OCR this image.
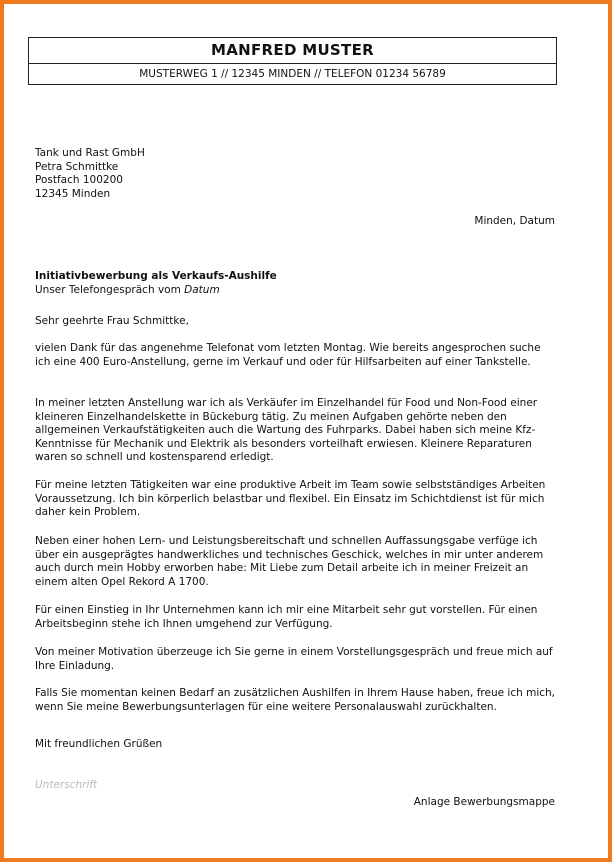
MANFRED MUSTER
MUSTERWEG 1 // 12345 MINDEN // TELEFON 01234 56789
Tank und Rast GmbH
Petra Schmittke
Postfach 100200
12345 Minden
Minden, Datum
Initiativbewerbung als Verkaufs-Aushilfe
Unser Telefongespräch vom Datum
Sehr geehrte Frau Schmittke,
vielen Dank für das angenehme Telefonat vom letzten Montag. Wie bereits angesprochen suche ich eine 400 Euro-Anstellung, gerne im Verkauf und oder für Hilfsarbeiten auf einer Tankstelle.
In meiner letzten Anstellung war ich als Verkäufer im Einzelhandel für Food und Non-Food einer kleineren Einzelhandelskette in Bückeburg tätig. Zu meinen Aufgaben gehörte neben den allgemeinen Verkaufstätigkeiten auch die Wartung des Fuhrparks. Dabei haben sich meine Kfz-Kenntnisse für Mechanik und Elektrik als besonders vorteilhaft erwiesen. Kleinere Reparaturen waren so schnell und kostensparend erledigt.
Für meine letzten Tätigkeiten war eine produktive Arbeit im Team sowie selbstständiges Arbeiten Voraussetzung. Ich bin körperlich belastbar und flexibel. Ein Einsatz im Schichtdienst ist für mich daher kein Problem.
Neben einer hohen Lern- und Leistungsbereitschaft und schnellen Auffassungsgabe verfüge ich über ein ausgeprägtes handwerkliches und technisches Geschick, welches in mir unter anderem auch durch mein Hobby erworben habe: Mit Liebe zum Detail arbeite ich in meiner Freizeit an einem alten Opel Rekord A 1700.
Für einen Einstieg in Ihr Unternehmen kann ich mir eine Mitarbeit sehr gut vorstellen. Für einen Arbeitsbeginn stehe ich Ihnen umgehend zur Verfügung.
Von meiner Motivation überzeuge ich Sie gerne in einem Vorstellungsgespräch und freue mich auf Ihre Einladung.
Falls Sie momentan keinen Bedarf an zusätzlichen Aushilfen in Ihrem Hause haben, freue ich mich, wenn Sie meine Bewerbungsunterlagen für eine weitere Personalauswahl zurückhalten.
Mit freundlichen Grüßen
Unterschrift
Anlage Bewerbungsmappe
